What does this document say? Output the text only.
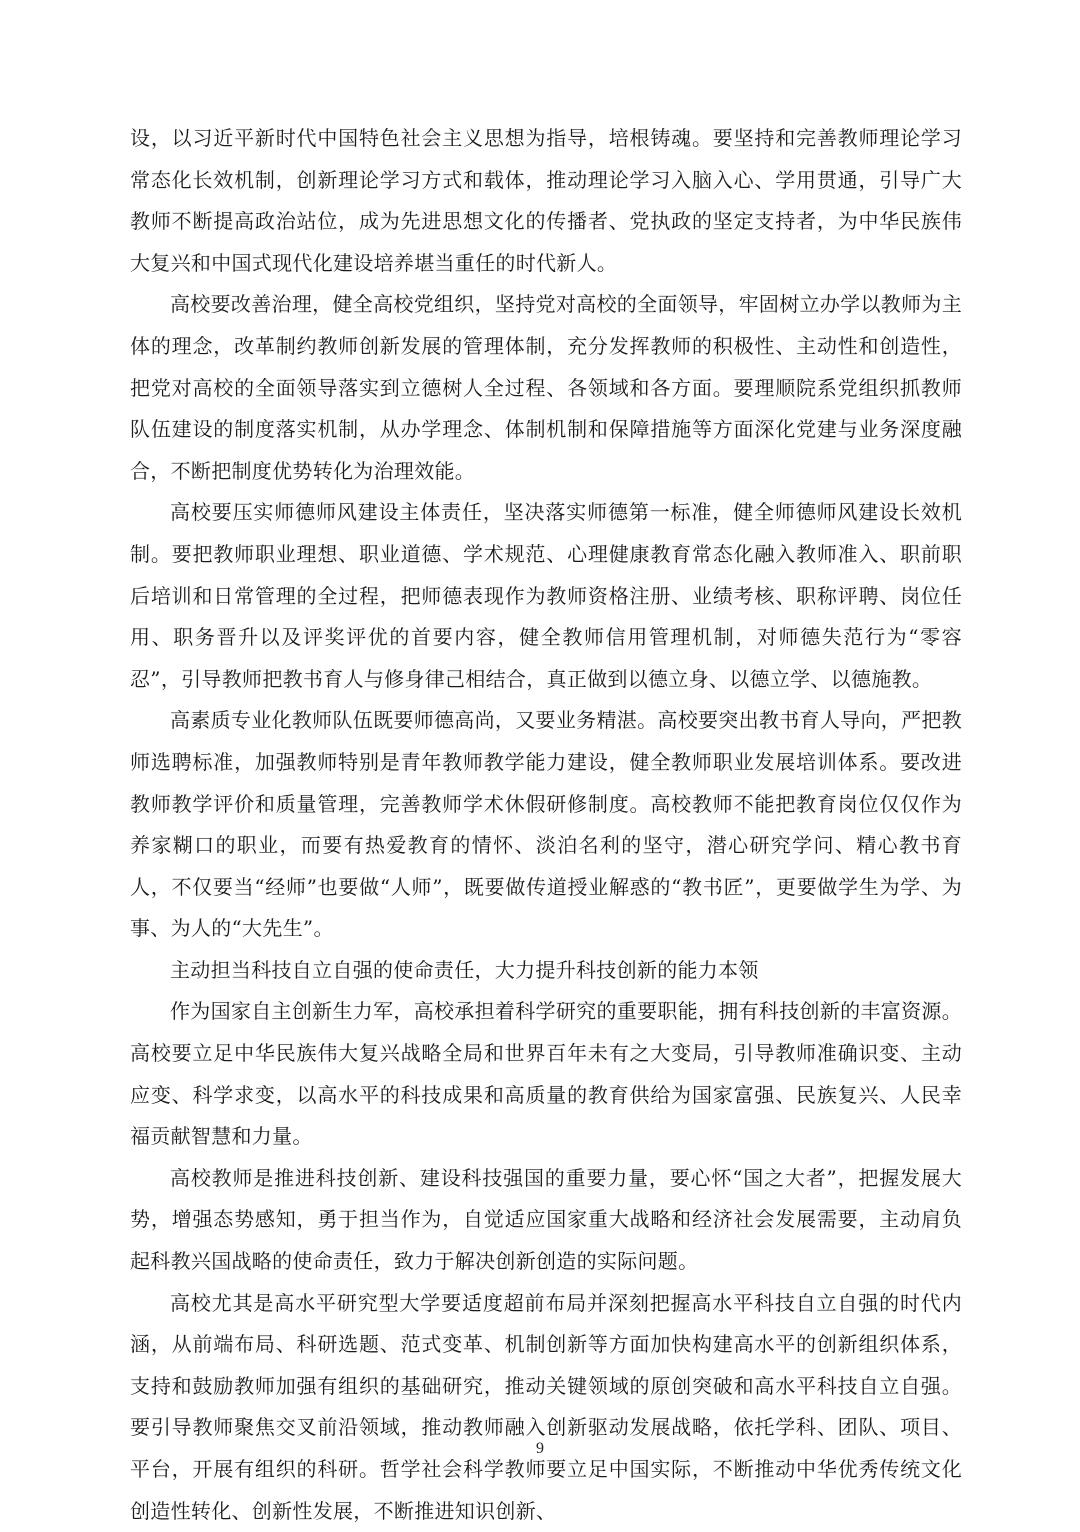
设，以习近平新时代中国特色社会主义思想为指导，培根铸魂。要坚持和完善教师理论学习常态化长效机制，创新理论学习方式和载体，推动理论学习入脑入心、学用贯通，引导广大教师不断提高政治站位，成为先进思想文化的传播者、党执政的坚定支持者，为中华民族伟大复兴和中国式现代化建设培养堪当重任的时代新人。

高校要改善治理，健全高校党组织，坚持党对高校的全面领导，牢固树立办学以教师为主体的理念，改革制约教师创新发展的管理体制，充分发挥教师的积极性、主动性和创造性，把党对高校的全面领导落实到立德树人全过程、各领域和各方面。要理顺院系党组织抓教师队伍建设的制度落实机制，从办学理念、体制机制和保障措施等方面深化党建与业务深度融合，不断把制度优势转化为治理效能。

高校要压实师德师风建设主体责任，坚决落实师德第一标准，健全师德师风建设长效机制。要把教师职业理想、职业道德、学术规范、心理健康教育常态化融入教师准入、职前职后培训和日常管理的全过程，把师德表现作为教师资格注册、业绩考核、职称评聘、岗位任用、职务晋升以及评奖评优的首要内容，健全教师信用管理机制，对师德失范行为“零容忍”，引导教师把教书育人与修身律己相结合，真正做到以德立身、以德立学、以德施教。

高素质专业化教师队伍既要师德高尚，又要业务精湛。高校要突出教书育人导向，严把教师选聘标准，加强教师特别是青年教师教学能力建设，健全教师职业发展培训体系。要改进教师教学评价和质量管理，完善教师学术休假研修制度。高校教师不能把教育岗位仅仅作为养家糊口的职业，而要有热爱教育的情怀、淡泊名利的坚守，潜心研究学问、精心教书育人，不仅要当“经师”也要做“人师”，既要做传道授业解惑的“教书匠”，更要做学生为学、为事、为人的“大先生”。

主动担当科技自立自强的使命责任，大力提升科技创新的能力本领

作为国家自主创新生力军，高校承担着科学研究的重要职能，拥有科技创新的丰富资源。高校要立足中华民族伟大复兴战略全局和世界百年未有之大变局，引导教师准确识变、主动应变、科学求变，以高水平的科技成果和高质量的教育供给为国家富强、民族复兴、人民幸福贡献智慧和力量。

高校教师是推进科技创新、建设科技强国的重要力量，要心怀“国之大者”，把握发展大势，增强态势感知，勇于担当作为，自觉适应国家重大战略和经济社会发展需要，主动肩负起科教兴国战略的使命责任，致力于解决创新创造的实际问题。

高校尤其是高水平研究型大学要适度超前布局并深刻把握高水平科技自立自强的时代内涵，从前端布局、科研选题、范式变革、机制创新等方面加快构建高水平的创新组织体系，支持和鼓励教师加强有组织的基础研究，推动关键领域的原创突破和高水平科技自立自强。要引导教师聚焦交叉前沿领域，推动教师融入创新驱动发展战略，依托学科、团队、项目、平台，开展有组织的科研。哲学社会科学教师要立足中国实际，不断推动中华优秀传统文化创造性转化、创新性发展，不断推进知识创新、

9
